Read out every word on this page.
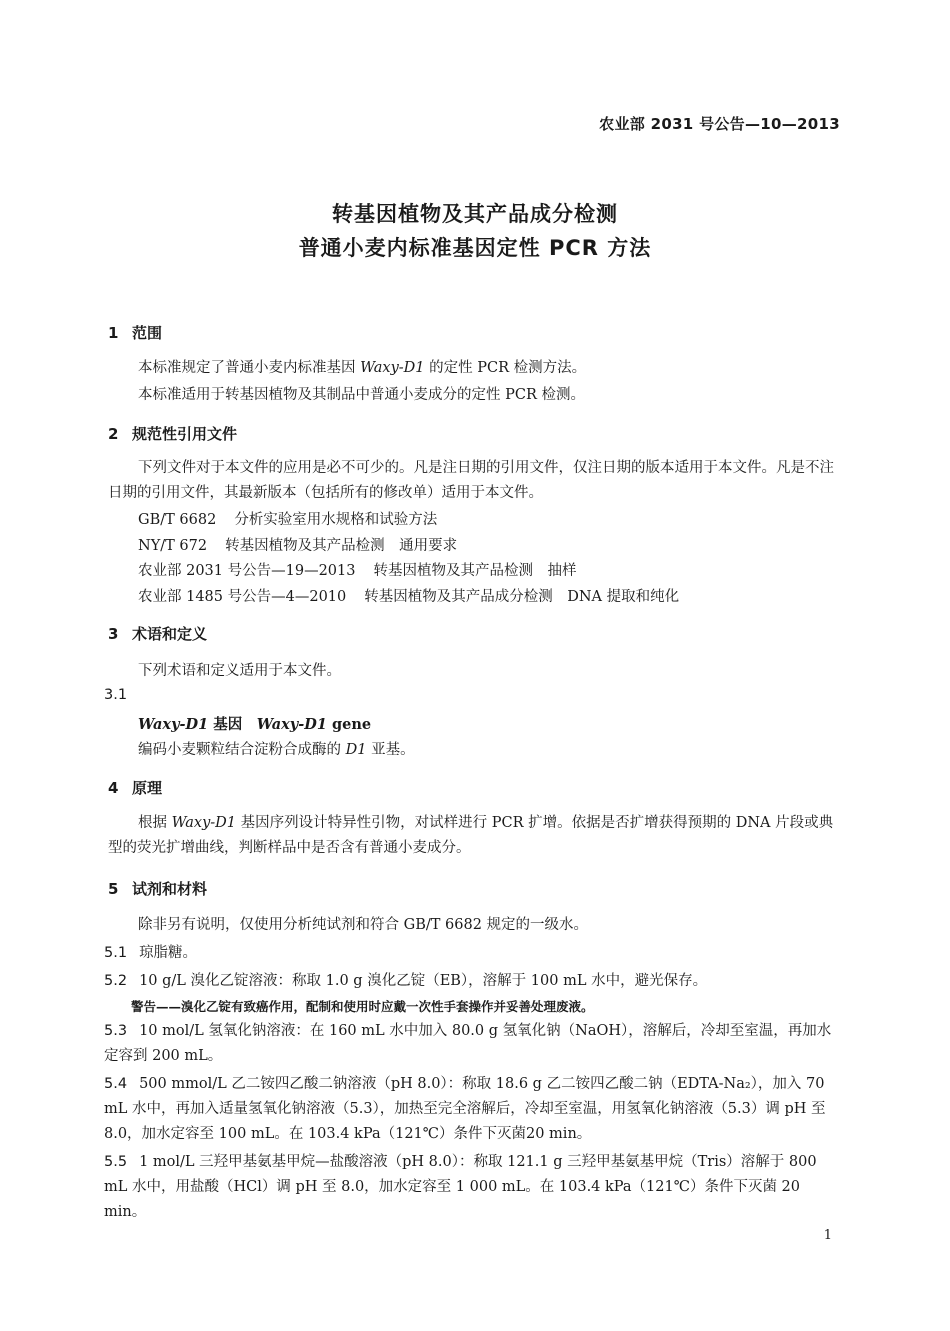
农业部 2031 号公告—10—2013
转基因植物及其产品成分检测
普通小麦内标准基因定性 PCR 方法
1 范围
本标准规定了普通小麦内标准基因 Waxy-D1 的定性 PCR 检测方法。
本标准适用于转基因植物及其制品中普通小麦成分的定性 PCR 检测。
2 规范性引用文件
下列文件对于本文件的应用是必不可少的。凡是注日期的引用文件，仅注日期的版本适用于本文件。凡是不注日期的引用文件，其最新版本（包括所有的修改单）适用于本文件。
GB/T 6682 分析实验室用水规格和试验方法
NY/T 672 转基因植物及其产品检测　通用要求
农业部 2031 号公告—19—2013 转基因植物及其产品检测　抽样
农业部 1485 号公告—4—2010 转基因植物及其产品成分检测　DNA 提取和纯化
3 术语和定义
下列术语和定义适用于本文件。
3.1
Waxy-D1 基因　Waxy-D1 gene
编码小麦颗粒结合淀粉合成酶的 D1 亚基。
4 原理
根据 Waxy-D1 基因序列设计特异性引物，对试样进行 PCR 扩增。依据是否扩增获得预期的 DNA 片段或典型的荧光扩增曲线，判断样品中是否含有普通小麦成分。
5 试剂和材料
除非另有说明，仅使用分析纯试剂和符合 GB/T 6682 规定的一级水。
5.1 琼脂糖。
5.2 10 g/L 溴化乙锭溶液：称取 1.0 g 溴化乙锭（EB），溶解于 100 mL 水中，避光保存。
警告——溴化乙锭有致癌作用，配制和使用时应戴一次性手套操作并妥善处理废液。
5.3 10 mol/L 氢氧化钠溶液：在 160 mL 水中加入 80.0 g 氢氧化钠（NaOH），溶解后，冷却至室温，再加水定容到 200 mL。
5.4 500 mmol/L 乙二铵四乙酸二钠溶液（pH 8.0）：称取 18.6 g 乙二铵四乙酸二钠（EDTA-Na₂），加入 70 mL 水中，再加入适量氢氧化钠溶液（5.3），加热至完全溶解后，冷却至室温，用氢氧化钠溶液（5.3）调 pH 至 8.0，加水定容至 100 mL。在 103.4 kPa（121℃）条件下灭菌20 min。
5.5 1 mol/L 三羟甲基氨基甲烷—盐酸溶液（pH 8.0）：称取 121.1 g 三羟甲基氨基甲烷（Tris）溶解于 800 mL 水中，用盐酸（HCl）调 pH 至 8.0，加水定容至 1 000 mL。在 103.4 kPa（121℃）条件下灭菌 20 min。
1
